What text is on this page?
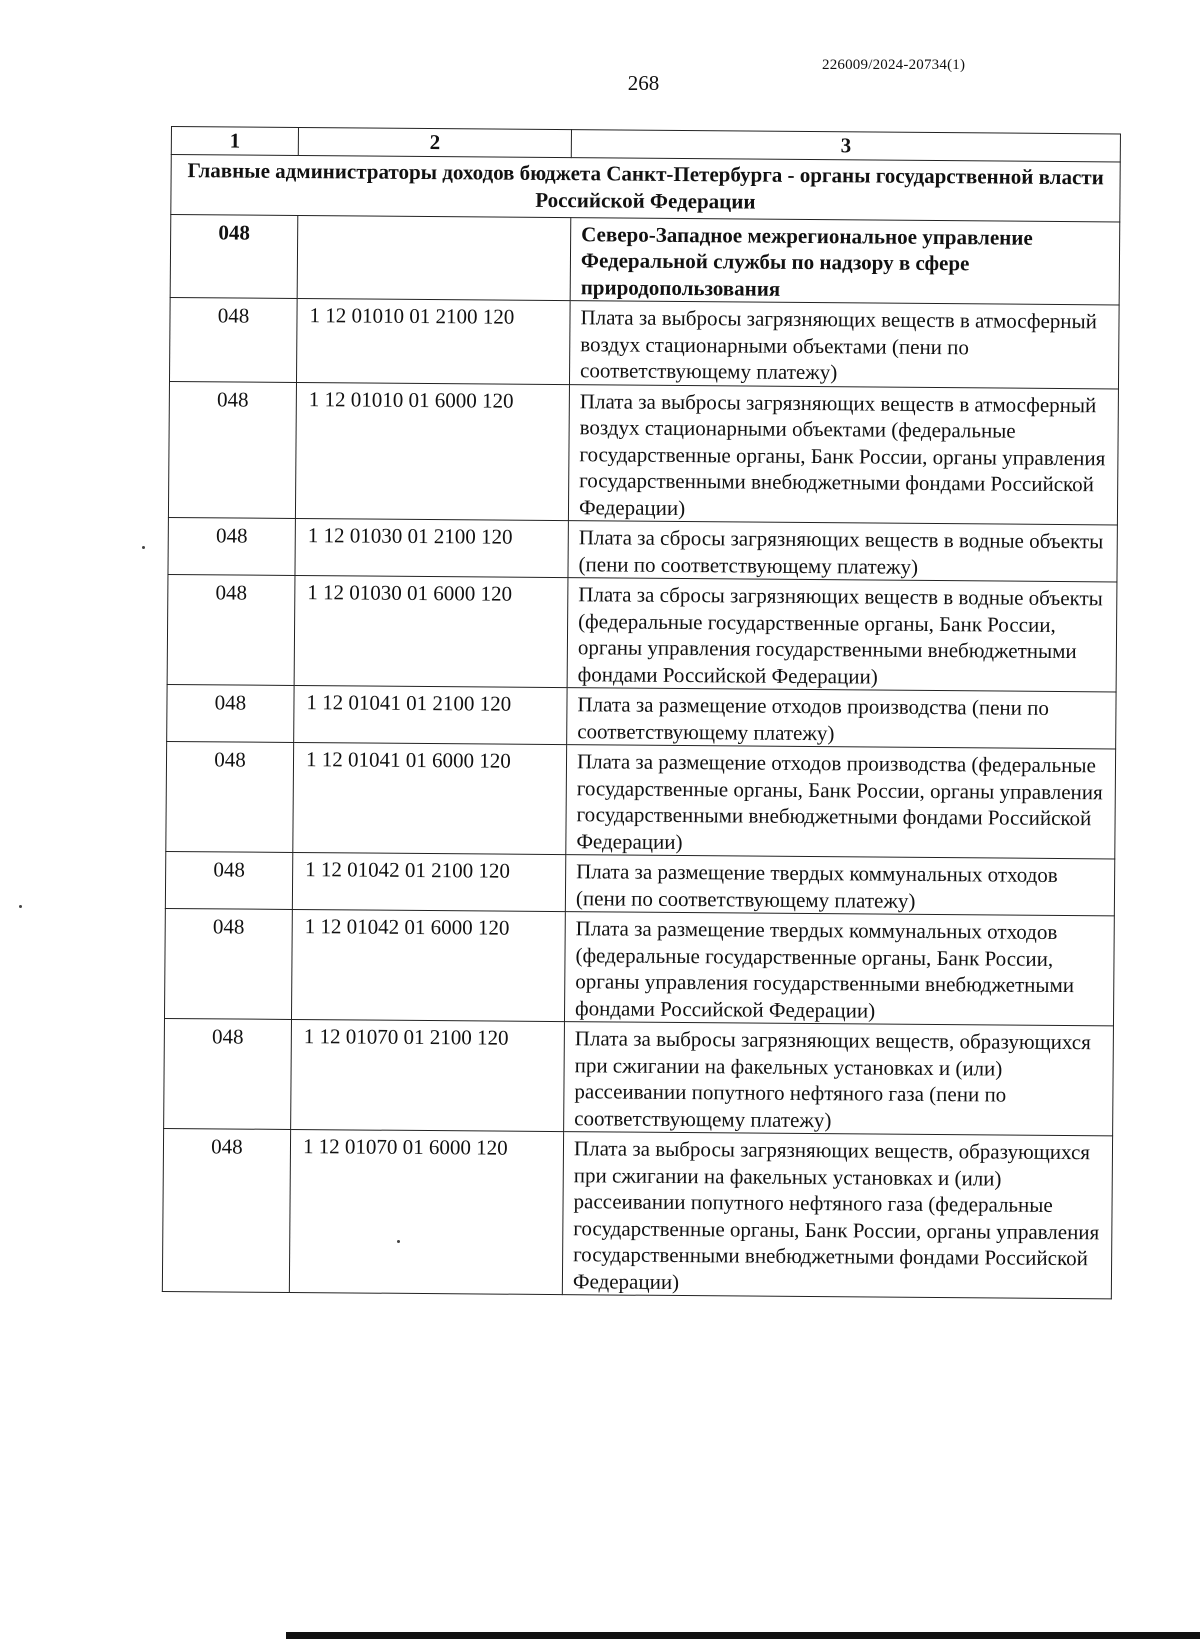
226009/2024-20734(1)
268
1	2	3
Главные администраторы доходов бюджета Санкт-Петербурга - органы государственной власти Российской Федерации		
048		Северо-Западное межрегиональное управление Федеральной службы по надзору в сфере природопользования
048	1 12 01010 01 2100 120	Плата за выбросы загрязняющих веществ в атмосферный воздух стационарными объектами (пени по соответствующему платежу)
048	1 12 01010 01 6000 120	Плата за выбросы загрязняющих веществ в атмосферный воздух стационарными объектами (федеральные государственные органы, Банк России, органы управления государственными внебюджетными фондами Российской Федерации)
048	1 12 01030 01 2100 120	Плата за сбросы загрязняющих веществ в водные объекты (пени по соответствующему платежу)
048	1 12 01030 01 6000 120	Плата за сбросы загрязняющих веществ в водные объекты (федеральные государственные органы, Банк России, органы управления государственными внебюджетными фондами Российской Федерации)
048	1 12 01041 01 2100 120	Плата за размещение отходов производства (пени по соответствующему платежу)
048	1 12 01041 01 6000 120	Плата за размещение отходов производства (федеральные государственные органы, Банк России, органы управления государственными внебюджетными фондами Российской Федерации)
048	1 12 01042 01 2100 120	Плата за размещение твердых коммунальных отходов (пени по соответствующему платежу)
048	1 12 01042 01 6000 120	Плата за размещение твердых коммунальных отходов (федеральные государственные органы, Банк России, органы управления государственными внебюджетными фондами Российской Федерации)
048	1 12 01070 01 2100 120	Плата за выбросы загрязняющих веществ, образующихся при сжигании на факельных установках и (или) рассеивании попутного нефтяного газа (пени по соответствующему платежу)
048	1 12 01070 01 6000 120	Плата за выбросы загрязняющих веществ, образующихся при сжигании на факельных установках и (или) рассеивании попутного нефтяного газа (федеральные государственные органы, Банк России, органы управления государственными внебюджетными фондами Российской Федерации)
